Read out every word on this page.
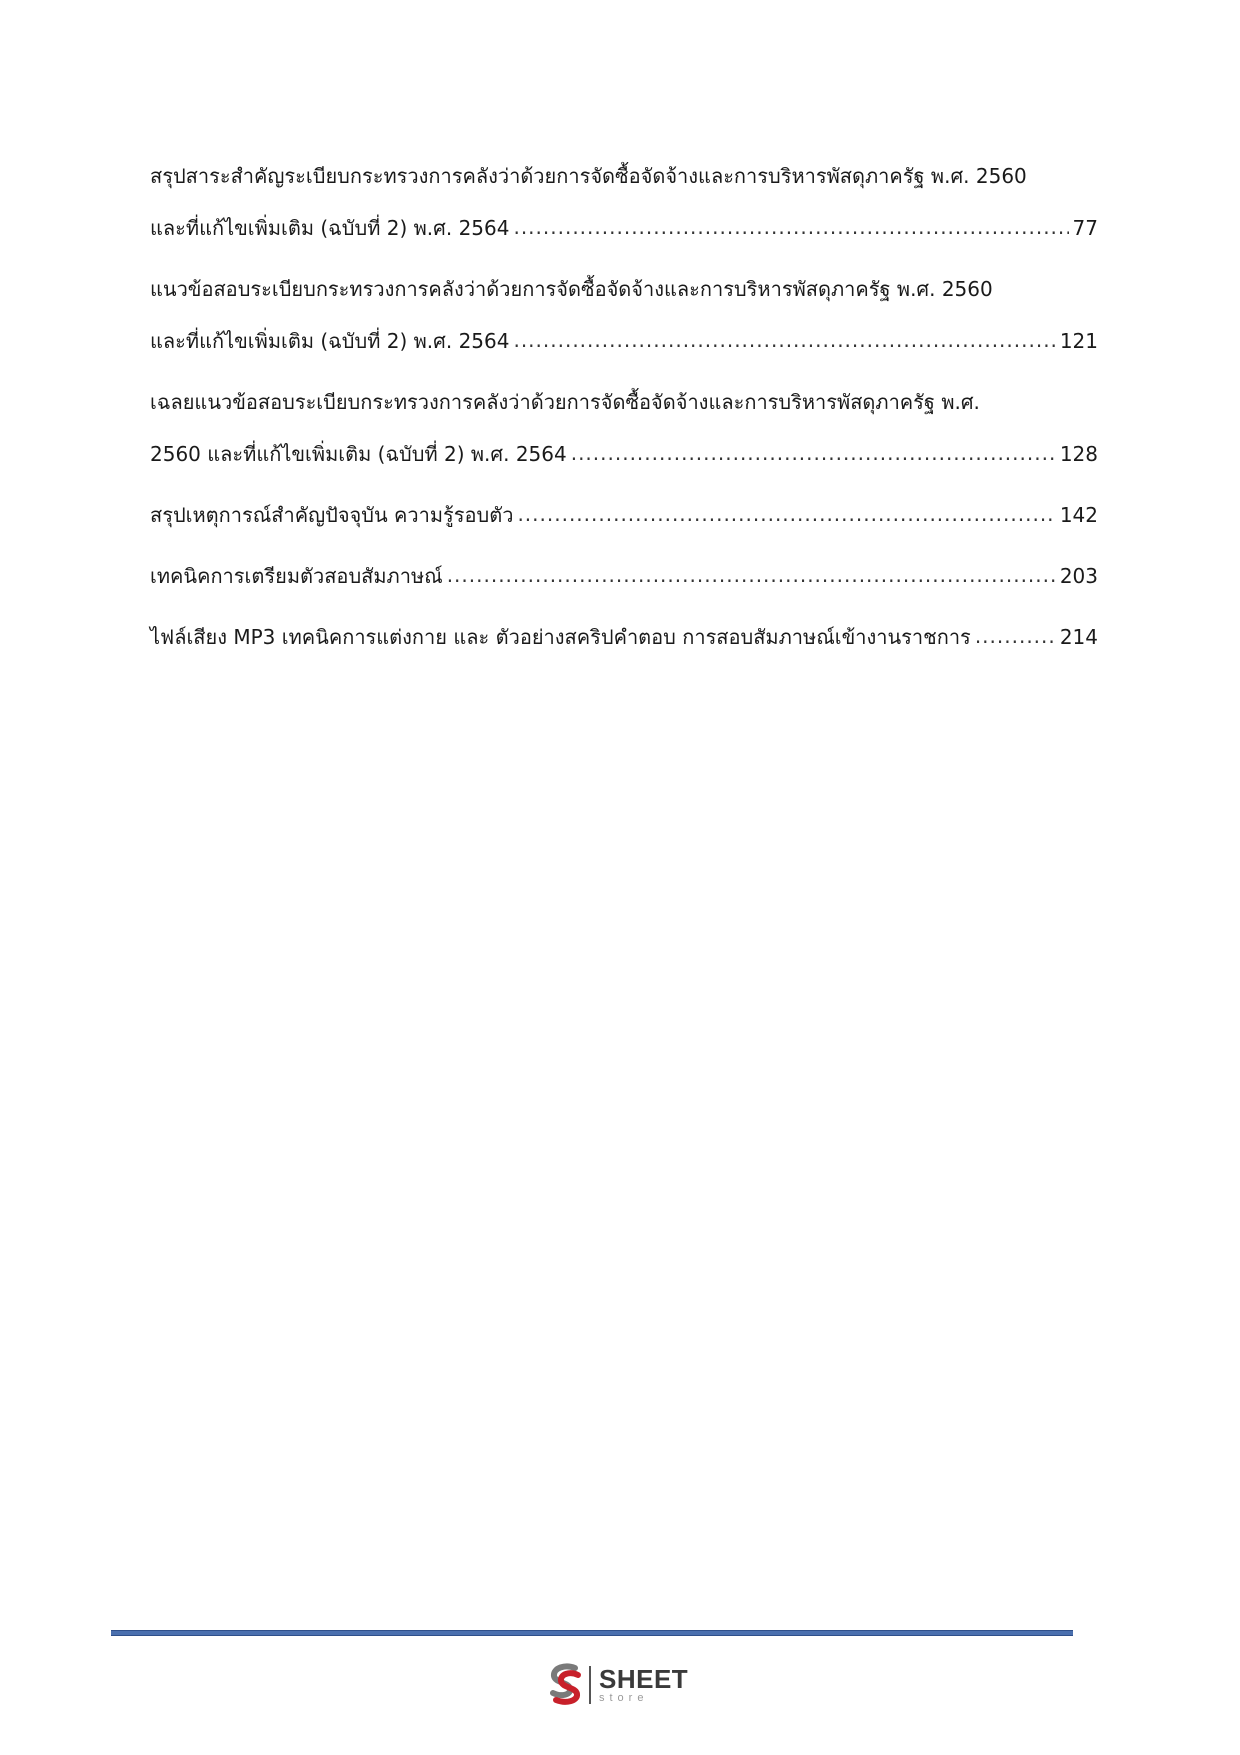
สรุปสาระสำคัญระเบียบกระทรวงการคลังว่าด้วยการจัดซื้อจัดจ้างและการบริหารพัสดุภาครัฐ พ.ศ. 2560
และที่แก้ไขเพิ่มเติม (ฉบับที่ 2) พ.ศ. 2564 .....	77
แนวข้อสอบระเบียบกระทรวงการคลังว่าด้วยการจัดซื้อจัดจ้างและการบริหารพัสดุภาครัฐ พ.ศ. 2560
และที่แก้ไขเพิ่มเติม (ฉบับที่ 2) พ.ศ. 2564 .....	121
เฉลยแนวข้อสอบระเบียบกระทรวงการคลังว่าด้วยการจัดซื้อจัดจ้างและการบริหารพัสดุภาครัฐ พ.ศ.
2560 และที่แก้ไขเพิ่มเติม (ฉบับที่ 2) พ.ศ. 2564 .....	128
สรุปเหตุการณ์สำคัญปัจจุบัน ความรู้รอบตัว .....	142
เทคนิคการเตรียมตัวสอบสัมภาษณ์ .....	203
ไฟล์เสียง MP3 เทคนิคการแต่งกาย และ ตัวอย่างสคริปคำตอบ การสอบสัมภาษณ์เข้างานราชการ .....	214
SHEET
store
